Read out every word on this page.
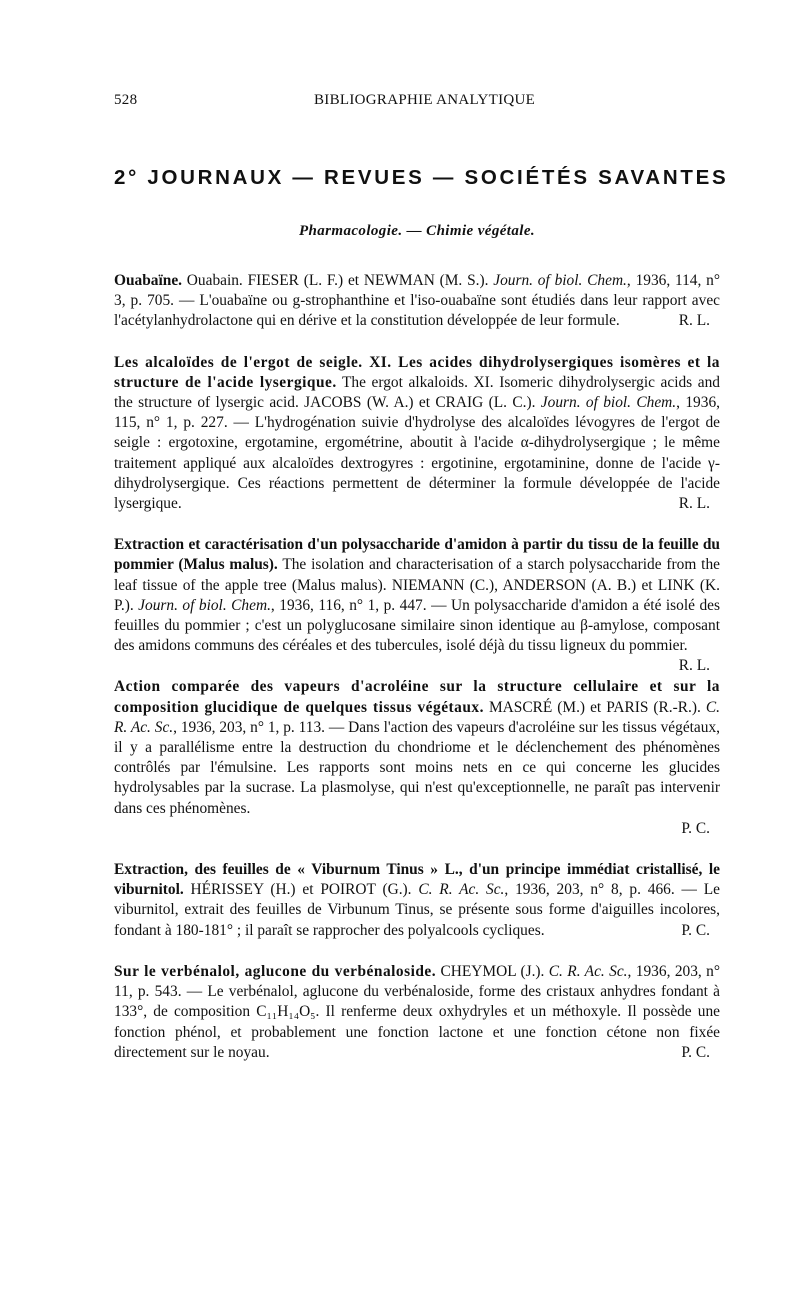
528	BIBLIOGRAPHIE ANALYTIQUE
2° JOURNAUX — REVUES — SOCIÉTÉS SAVANTES
Pharmacologie. — Chimie végétale.

Ouabaïne. Ouabain. FIESER (L. F.) et NEWMAN (M. S.). Journ. of biol. Chem., 1936, 114, n° 3, p. 705. — L'ouabaïne ou g-strophanthine et l'iso-ouabaïne sont étudiés dans leur rapport avec l'acétylanhydrolactone qui en dérive et la constitution développée de leur formule.	R. L.

Les alcaloïdes de l'ergot de seigle. XI. Les acides dihydrolysergiques isomères et la structure de l'acide lysergique. The ergot alkaloids. XI. Isomeric dihydrolysergic acids and the structure of lysergic acid. JACOBS (W. A.) et CRAIG (L. C.). Journ. of biol. Chem., 1936, 115, n° 1, p. 227. — L'hydrogénation suivie d'hydrolyse des alcaloïdes lévogyres de l'ergot de seigle : ergotoxine, ergotamine, ergométrine, aboutit à l'acide α-dihydrolysergique ; le même traitement appliqué aux alcaloïdes dextrogyres : ergotinine, ergotaminine, donne de l'acide γ-dihydrolysergique. Ces réactions permettent de déterminer la formule développée de l'acide lysergique.	R. L.

Extraction et caractérisation d'un polysaccharide d'amidon à partir du tissu de la feuille du pommier (Malus malus). The isolation and characterisation of a starch polysaccharide from the leaf tissue of the apple tree (Malus malus). NIEMANN (C.), ANDERSON (A. B.) et LINK (K. P.). Journ. of biol. Chem., 1936, 116, n° 1, p. 447. — Un polysaccharide d'amidon a été isolé des feuilles du pommier ; c'est un polyglucosane similaire sinon identique au β-amylose, composant des amidons communs des céréales et des tubercules, isolé déjà du tissu ligneux du pommier.
R. L.

Action comparée des vapeurs d'acroléine sur la structure cellulaire et sur la composition glucidique de quelques tissus végétaux. MASCRÉ (M.) et PARIS (R.-R.). C. R. Ac. Sc., 1936, 203, n° 1, p. 113. — Dans l'action des vapeurs d'acroléine sur les tissus végétaux, il y a parallélisme entre la destruction du chondriome et le déclenchement des phénomènes contrôlés par l'émulsine. Les rapports sont moins nets en ce qui concerne les glucides hydrolysables par la sucrase. La plasmolyse, qui n'est qu'exceptionnelle, ne paraît pas intervenir dans ces phénomènes.

P. C.

Extraction, des feuilles de « Viburnum Tinus » L., d'un principe immédiat cristallisé, le viburnitol. HÉRISSEY (H.) et POIROT (G.). C. R. Ac. Sc., 1936, 203, n° 8, p. 466. — Le viburnitol, extrait des feuilles de Virbunum Tinus, se présente sous forme d'aiguilles incolores, fondant à 180-181° ; il paraît se rapprocher des polyalcools cycliques.	P. C.

Sur le verbénalol, aglucone du verbénaloside. CHEYMOL (J.). C. R. Ac. Sc., 1936, 203, n° 11, p. 543. — Le verbénalol, aglucone du verbénaloside, forme des cristaux anhydres fondant à 133°, de composition C₁₁H₁₄O₅. Il renferme deux oxhydryles et un méthoxyle. Il possède une fonction phénol, et probablement une fonction lactone et une fonction cétone non fixée directement sur le noyau.	P. C.
